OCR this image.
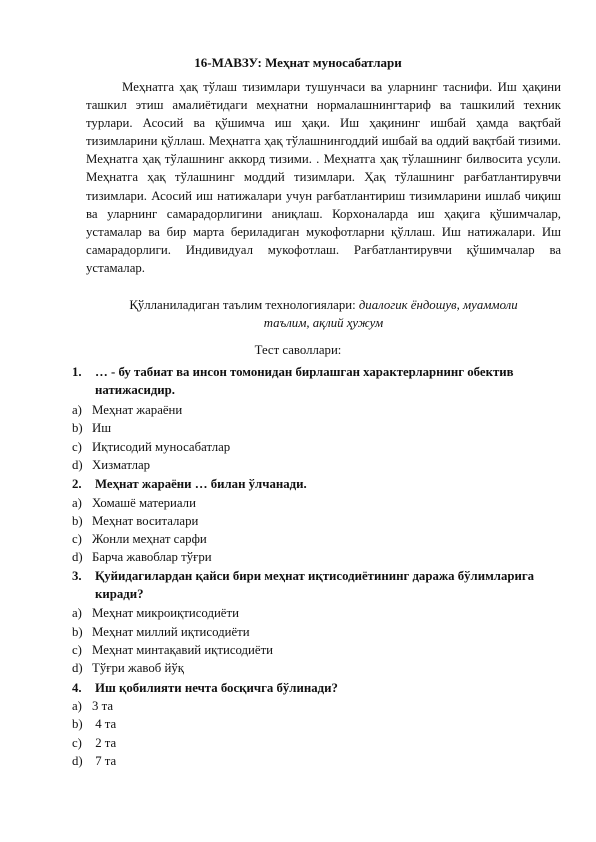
16-МАВЗУ: Меҳнат муносабатлари
Меҳнатга ҳақ тўлаш тизимлари тушунчаси ва уларнинг таснифи. Иш ҳақини ташкил этиш амалиётидаги меҳнатни нормалашнингтариф ва ташкилий техник турлари. Асосий ва қўшимча иш ҳақи. Иш ҳақининг ишбай ҳамда вақтбай тизимларини қўллаш. Меҳнатга ҳақ тўлашнингоддий ишбай ва оддий вақтбай тизими. Меҳнатга ҳақ тўлашнинг аккорд тизими. . Меҳнатга ҳақ тўлашнинг билвосита усули. Меҳнатга ҳақ тўлашнинг моддий тизимлари. Ҳақ тўлашнинг рағбатлантирувчи тизимлари. Асосий иш натижалари учун рағбатлантириш тизимларини ишлаб чиқиш ва уларнинг самарадорлигини аниқлаш. Корхоналарда иш ҳақига қўшимчалар, устамалар ва бир марта бериладиган мукофотларни қўллаш. Иш натижалари. Иш самарадорлиги. Индивидуал мукофотлаш. Рағбатлантирувчи қўшимчалар ва устамалар.
Қўлланиладиган таълим технологиялари: диалогик ёндошув, муаммоли
таълим, ақлий ҳужум
Тест саволлари:
1.	… - бу табиат ва инсон томонидан бирлашган характерларнинг обектив натижасидир.
a) Меҳнат жараёни
b) Иш
c) Иқтисодий муносабатлар
d) Хизматлар
2.	Меҳнат жараёни … билан ўлчанади.
a) Хомашё материали
b) Меҳнат воситалари
c) Жонли меҳнат сарфи
d) Барча жавоблар тўғри
3.	Қуйидагилардан қайси бири меҳнат иқтисодиётининг даража бўлимларига киради?
a) Меҳнат микроиқтисодиёти
b) Меҳнат миллий иқтисодиёти
c) Меҳнат минтақавий иқтисодиёти
d) Тўғри жавоб йўқ
4.	Иш қобилияти нечта босқичга бўлинади?
a) 3 та
b) 4 та
c) 2 та
d) 7 та
